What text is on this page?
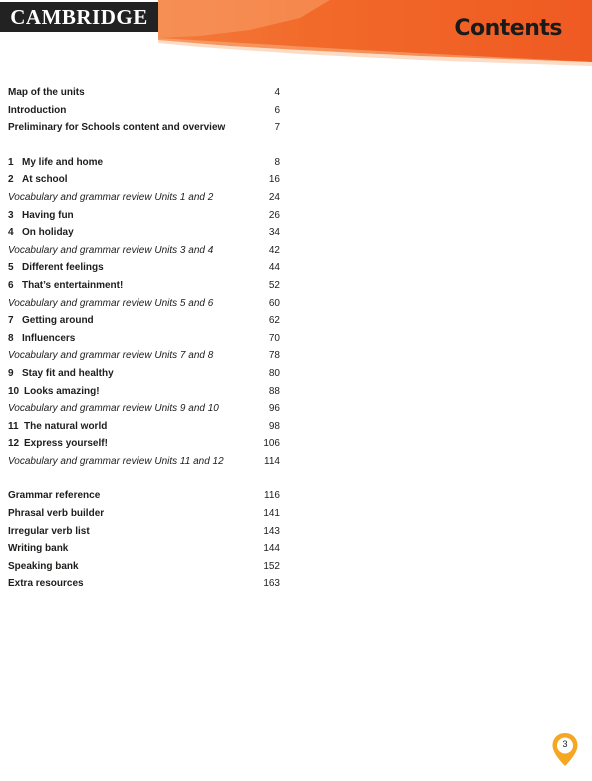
CAMBRIDGE	Contents
Map of the units	4
Introduction	6
Preliminary for Schools content and overview	7
1 My life and home	8
2 At school	16
Vocabulary and grammar review Units 1 and 2	24
3 Having fun	26
4 On holiday	34
Vocabulary and grammar review Units 3 and 4	42
5 Different feelings	44
6 That’s entertainment!	52
Vocabulary and grammar review Units 5 and 6	60
7 Getting around	62
8 Influencers	70
Vocabulary and grammar review Units 7 and 8	78
9 Stay fit and healthy	80
10 Looks amazing!	88
Vocabulary and grammar review Units 9 and 10	96
11 The natural world	98
12 Express yourself!	106
Vocabulary and grammar review Units 11 and 12	114
Grammar reference	116
Phrasal verb builder	141
Irregular verb list	143
Writing bank	144
Speaking bank	152
Extra resources	163
3
